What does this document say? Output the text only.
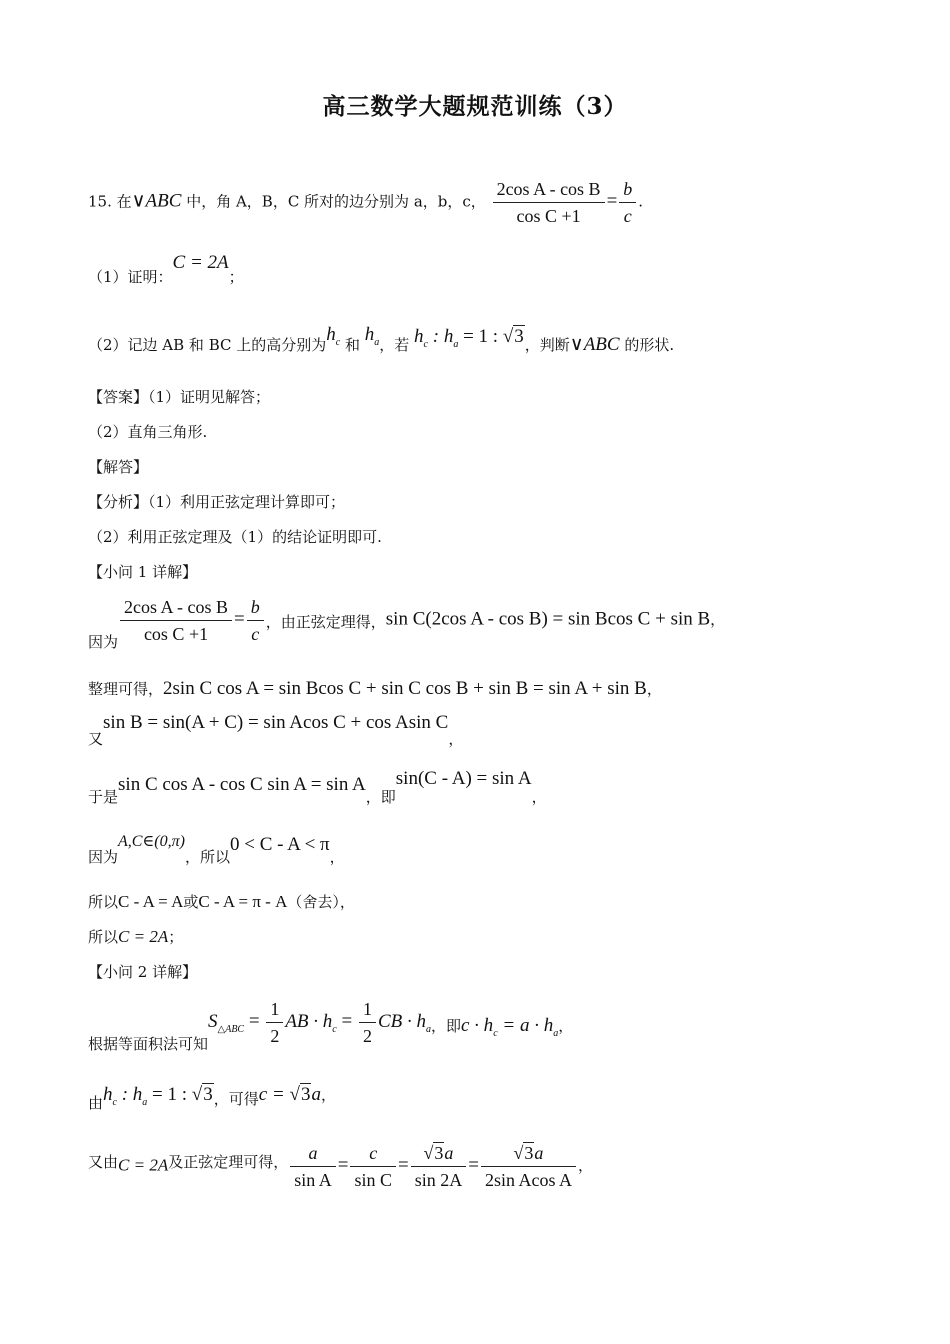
高三数学大题规范训练（3）
15. 在∨ABC 中，角 A，B，C 所对的边分别为 a，b，c， $\frac{\text{2cos A - cos B}}{\text{cos C +1}} = \frac{b}{c}$ .
（1）证明：C = 2A；
（2）记边 AB 和 BC 上的高分别为$h_c$ 和 $h_a$，若 $h_c$ : $h_a = 1$ : √3，判断∨ABC 的形状.
【答案】（1）证明见解答；
（2）直角三角形.
【解答】
【分析】（1）利用正弦定理计算即可；
（2）利用正弦定理及（1）的结论证明即可.
【小问 1 详解】
因为 $\frac{\text{2cos A - cos B}}{\text{cos C +1}} = \frac{b}{c}$ ，由正弦定理得，sin C(2cos A - cos B) = sin Bcos C + sin B，
整理可得，2sin C cos A = sin Bcos C + sin C cos B + sin B = sin A + sin B，
又sin B = sin(A + C) = sin Acos C + cos Asin C，
于是sin C cos A - cos C sin A = sin A，即sin(C - A) = sin A，
因为A,C∈(0,π)，所以0 < C - A < π，
所以C - A = A或C - A = π - A（舍去），
所以C = 2A；
【小问 2 详解】
根据等面积法可知$S_{\triangle ABC} = \frac{1}{2}$ AB · $h_c = \frac{1}{2}$ CB · $h_a$，即$c \cdot h_c = a \cdot h_a$，
由$h_c$ : $h_a = 1$ : √3，可得c = √3a，
又由C = 2A及正弦定理可得， $\frac{a}{\text{sin A}} = \frac{c}{\text{sin C}} = \frac{√3a}{\sin 2A} = \frac{√3a}{\text{2sin Acos A}}$ ，
